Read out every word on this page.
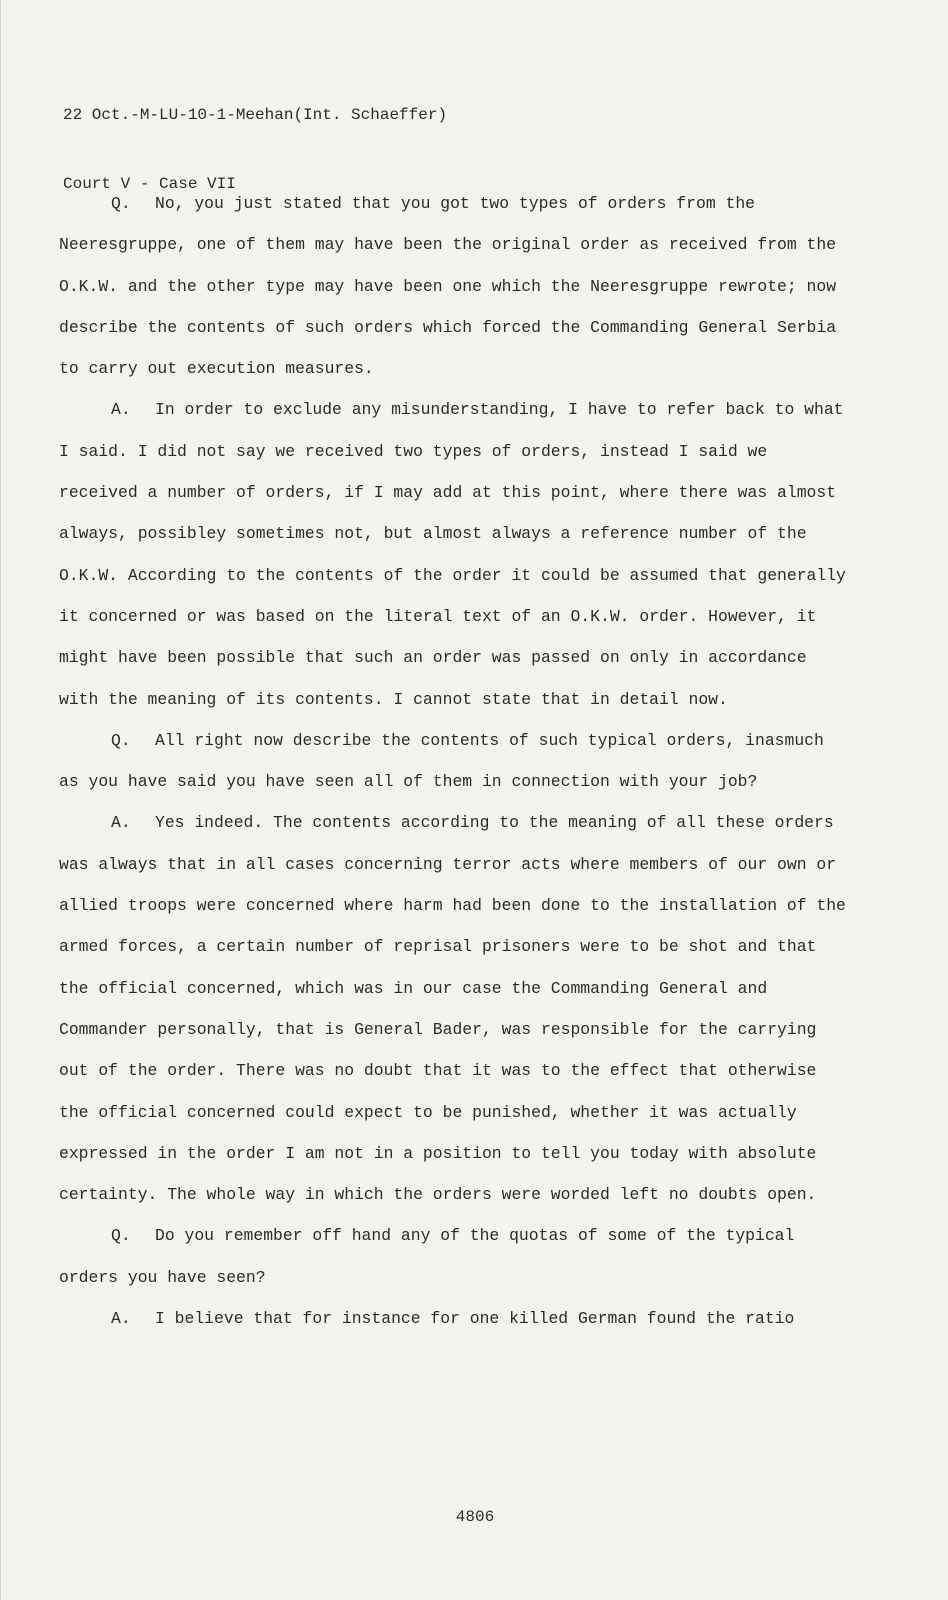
22 Oct.-M-LU-10-1-Meehan(Int. Schaeffer)

Court V - Case VII

Q. No, you just stated that you got two types of orders from the Neeresgruppe, one of them may have been the original order as received from the O.K.W. and the other type may have been one which the Neeresgruppe rewrote; now describe the contents of such orders which forced the Commanding General Serbia to carry out execution measures.

A. In order to exclude any misunderstanding, I have to refer back to what I said. I did not say we received two types of orders, instead I said we received a number of orders, if I may add at this point, where there was almost always, possibley sometimes not, but almost always a reference number of the O.K.W. According to the contents of the order it could be assumed that generally it concerned or was based on the literal text of an O.K.W. order. However, it might have been possible that such an order was passed on only in accordance with the meaning of its contents. I cannot state that in detail now.

Q. All right now describe the contents of such typical orders, inasmuch as you have said you have seen all of them in connection with your job?

A. Yes indeed. The contents according to the meaning of all these orders was always that in all cases concerning terror acts where members of our own or allied troops were concerned where harm had been done to the installation of the armed forces, a certain number of reprisal prisoners were to be shot and that the official concerned, which was in our case the Commanding General and Commander personally, that is General Bader, was responsible for the carrying out of the order. There was no doubt that it was to the effect that otherwise the official concerned could expect to be punished, whether it was actually expressed in the order I am not in a position to tell you today with absolute certainty. The whole way in which the orders were worded left no doubts open.

Q. Do you remember off hand any of the quotas of some of the typical orders you have seen?

A. I believe that for instance for one killed German found the ratio

4806
